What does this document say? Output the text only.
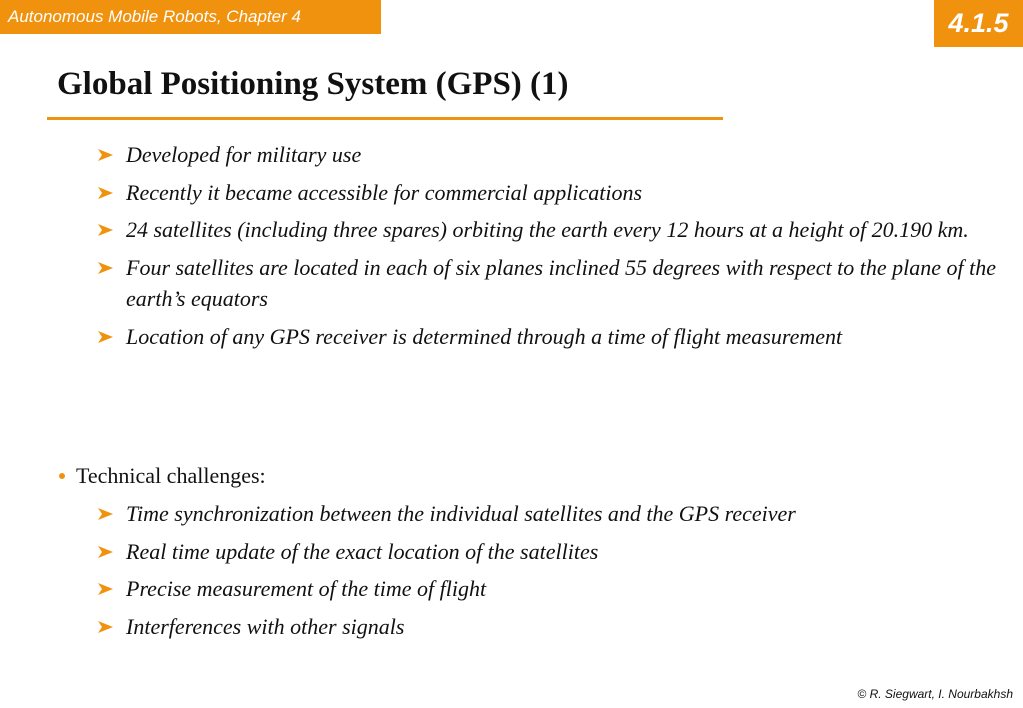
Autonomous Mobile Robots, Chapter 4	4.1.5
Global Positioning System (GPS) (1)
Developed for military use
Recently it became accessible for commercial applications
24 satellites (including three spares) orbiting the earth every 12 hours at a height of 20.190 km.
Four satellites are located in each of six planes inclined 55 degrees with respect to the plane of the earth’s equators
Location of any GPS receiver is determined through a time of flight measurement
Technical challenges:
Time synchronization between the individual satellites and the GPS receiver
Real time update of the exact location of the satellites
Precise measurement of the time of flight
Interferences with other signals
© R. Siegwart, I. Nourbakhsh
